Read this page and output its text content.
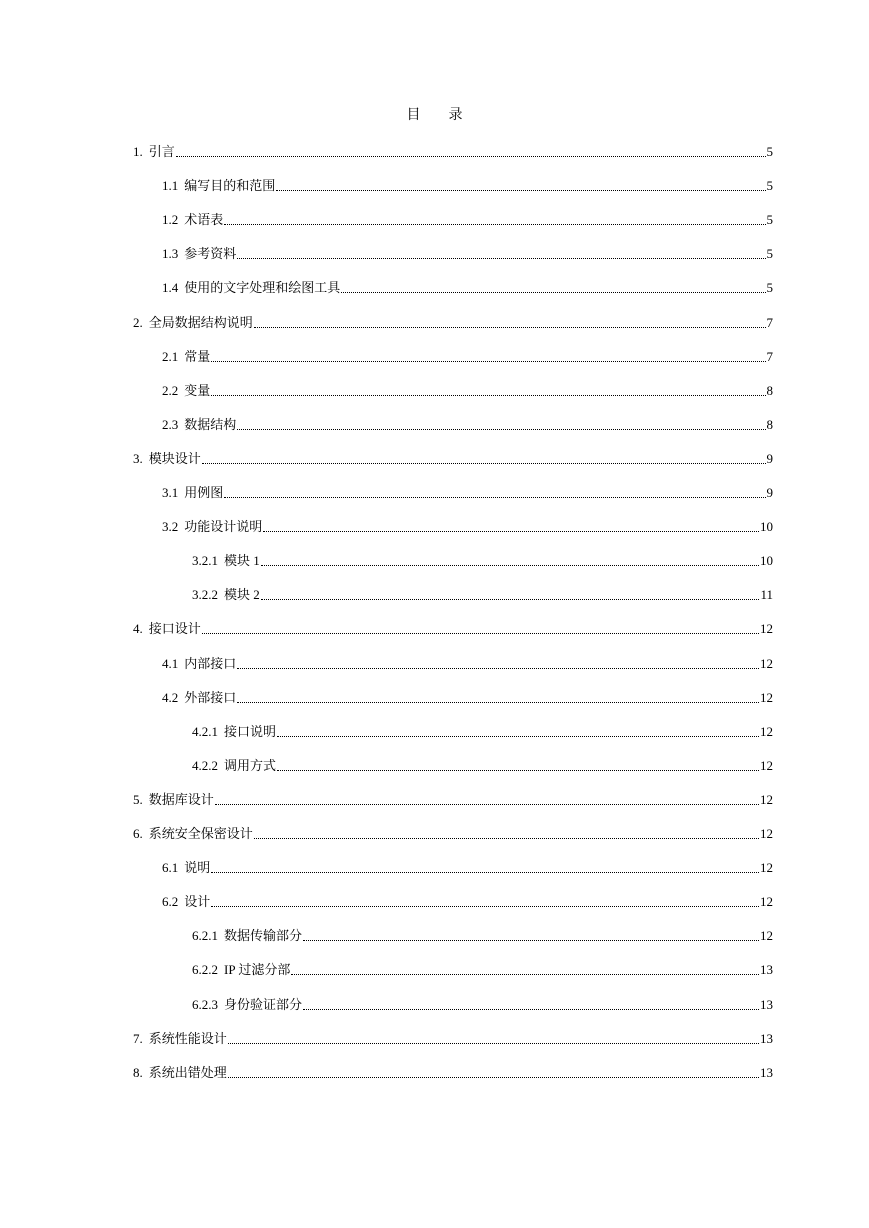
目　　录
1. 引言	5
1.1 编写目的和范围	5
1.2 术语表	5
1.3 参考资料	5
1.4 使用的文字处理和绘图工具	5
2. 全局数据结构说明	7
2.1 常量	7
2.2 变量	8
2.3 数据结构	8
3. 模块设计	9
3.1 用例图	9
3.2 功能设计说明	10
3.2.1 模块 1	10
3.2.2 模块 2	11
4. 接口设计	12
4.1 内部接口	12
4.2 外部接口	12
4.2.1 接口说明	12
4.2.2 调用方式	12
5. 数据库设计	12
6. 系统安全保密设计	12
6.1 说明	12
6.2 设计	12
6.2.1 数据传输部分	12
6.2.2 IP 过滤分部	13
6.2.3 身份验证部分	13
7. 系统性能设计	13
8. 系统出错处理	13
